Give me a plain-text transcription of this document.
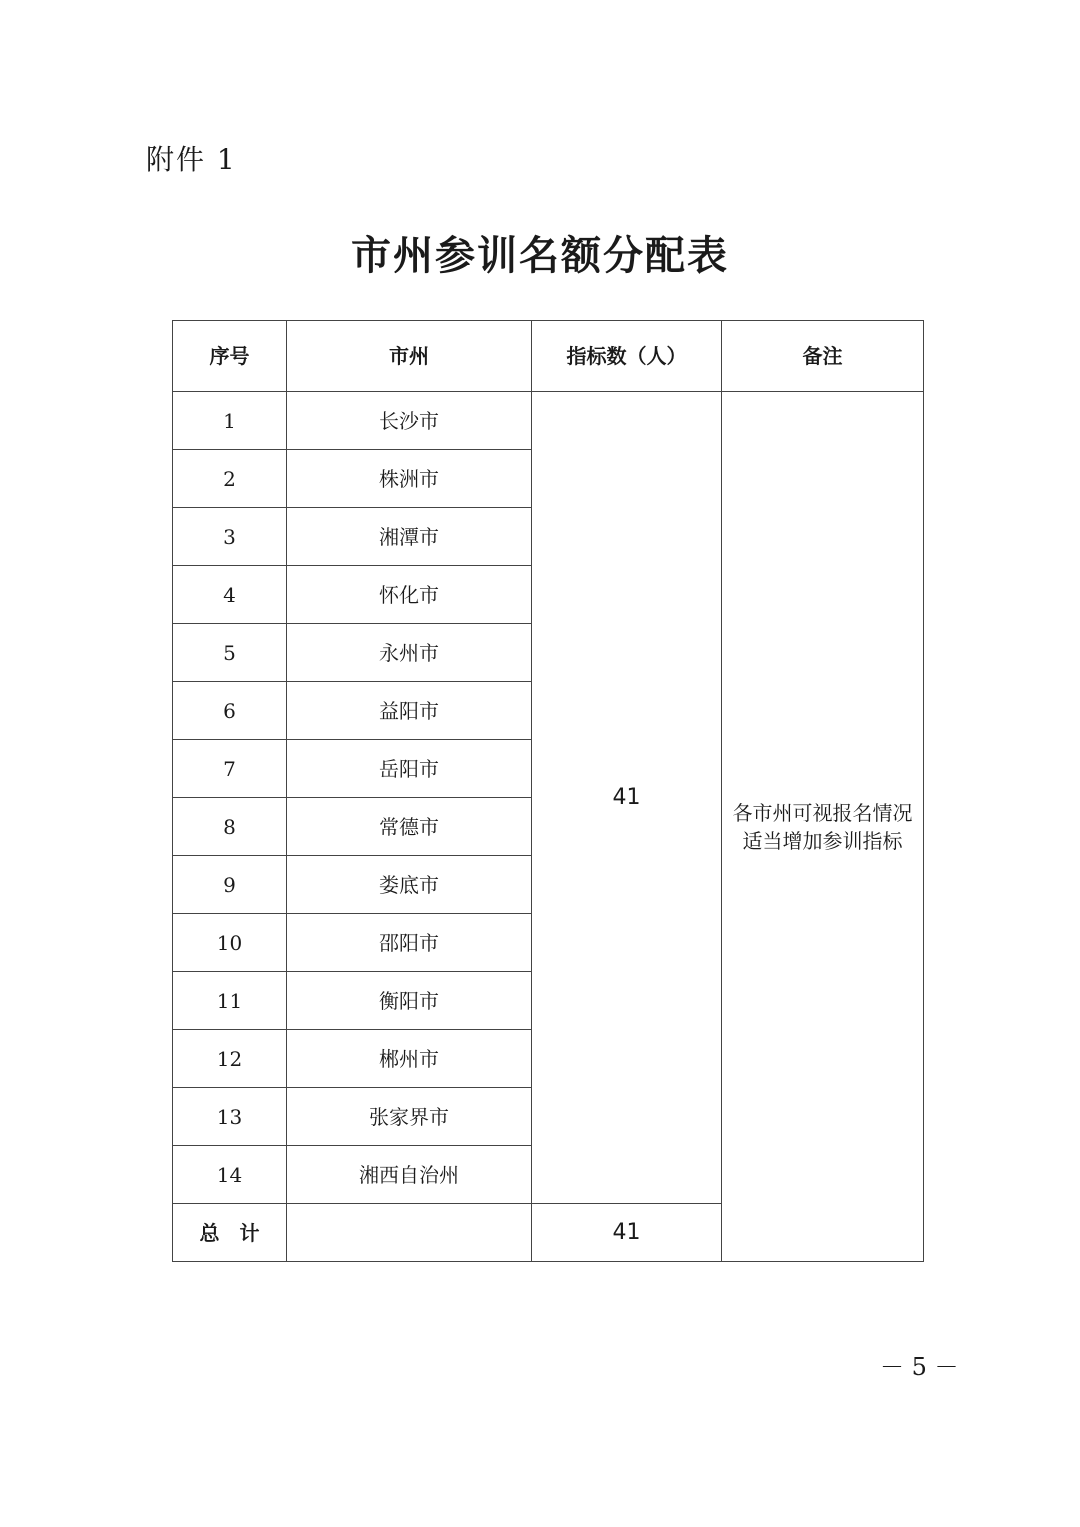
附件 1
市州参训名额分配表
序号	市州	指标数（人）	备注
1	长沙市	41	各市州可视报名情况适当增加参训指标
2	株洲市		
3	湘潭市		
4	怀化市		
5	永州市		
6	益阳市		
7	岳阳市		
8	常德市		
9	娄底市		
10	邵阳市		
11	衡阳市		
12	郴州市		
13	张家界市		
14	湘西自治州		
总　计		41	
－ 5 －
